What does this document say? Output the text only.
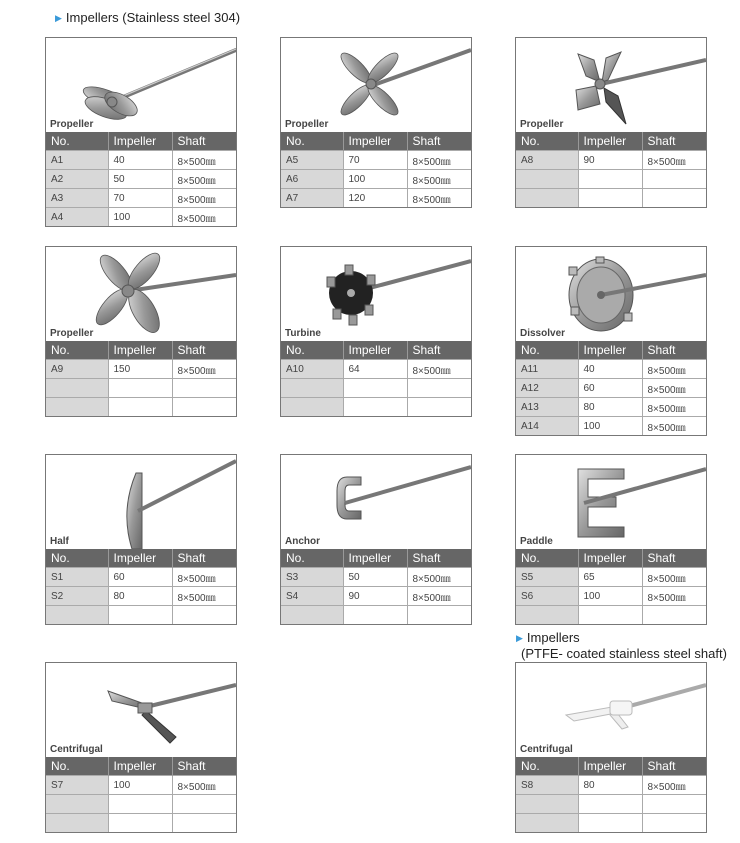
▶ Impellers (Stainless steel 304)
▶ Impellers
(PTFE- coated stainless steel shaft)
Propeller
No.	Impeller	Shaft
A1	40	8×500㎜
A2	50	8×500㎜
A3	70	8×500㎜
A4	100	8×500㎜
Propeller
No.	Impeller	Shaft
A5	70	8×500㎜
A6	100	8×500㎜
A7	120	8×500㎜
Propeller
No.	Impeller	Shaft
A8	90	8×500㎜

Propeller
No.	Impeller	Shaft
A9	150	8×500㎜

Turbine
No.	Impeller	Shaft
A10	64	8×500㎜

Dissolver
No.	Impeller	Shaft
A11	40	8×500㎜
A12	60	8×500㎜
A13	80	8×500㎜
A14	100	8×500㎜
Half
No.	Impeller	Shaft
S1	60	8×500㎜
S2	80	8×500㎜

Anchor
No.	Impeller	Shaft
S3	50	8×500㎜
S4	90	8×500㎜

Paddle
No.	Impeller	Shaft
S5	65	8×500㎜
S6	100	8×500㎜

Centrifugal
No.	Impeller	Shaft
S7	100	8×500㎜

Centrifugal
No.	Impeller	Shaft
S8	80	8×500㎜
